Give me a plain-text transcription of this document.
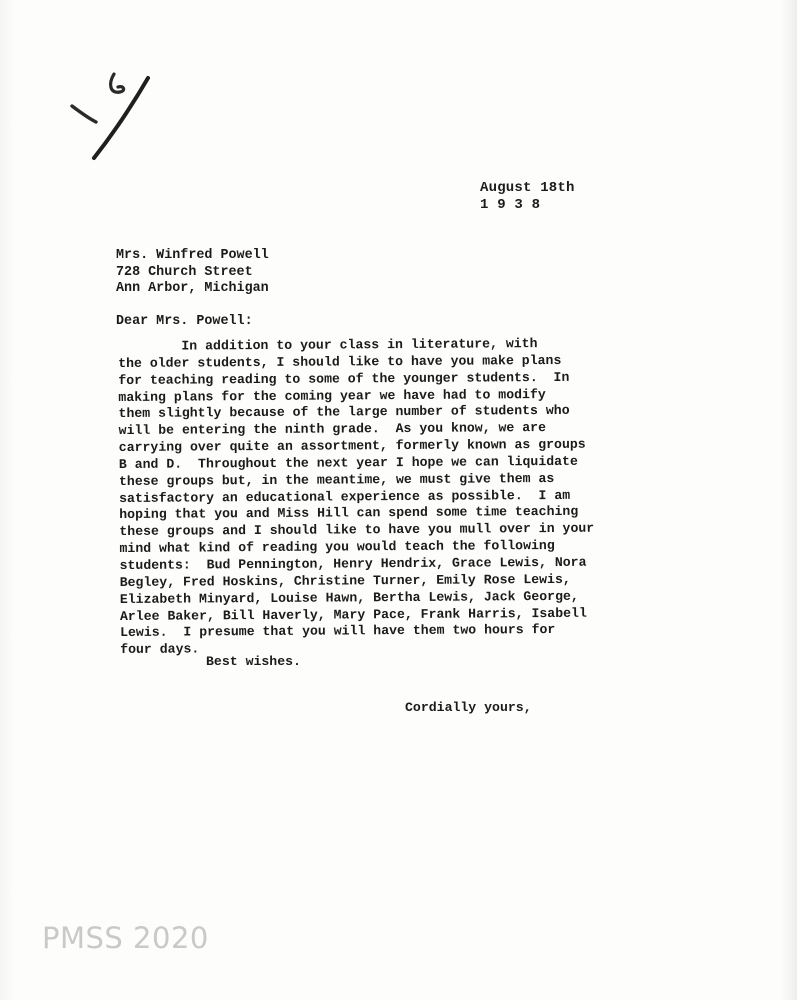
August 18th
1 9 3 8
Mrs. Winfred Powell
728 Church Street
Ann Arbor, Michigan
Dear Mrs. Powell:
In addition to your class in literature, with
the older students, I should like to have you make plans
for teaching reading to some of the younger students.  In
making plans for the coming year we have had to modify
them slightly because of the large number of students who
will be entering the ninth grade.  As you know, we are
carrying over quite an assortment, formerly known as groups
B and D.  Throughout the next year I hope we can liquidate
these groups but, in the meantime, we must give them as
satisfactory an educational experience as possible.  I am
hoping that you and Miss Hill can spend some time teaching
these groups and I should like to have you mull over in your
mind what kind of reading you would teach the following
students:  Bud Pennington, Henry Hendrix, Grace Lewis, Nora
Begley, Fred Hoskins, Christine Turner, Emily Rose Lewis,
Elizabeth Minyard, Louise Hawn, Bertha Lewis, Jack George,
Arlee Baker, Bill Haverly, Mary Pace, Frank Harris, Isabell
Lewis.  I presume that you will have them two hours for
four days.
Best wishes.
Cordially yours,
PMSS 2020
